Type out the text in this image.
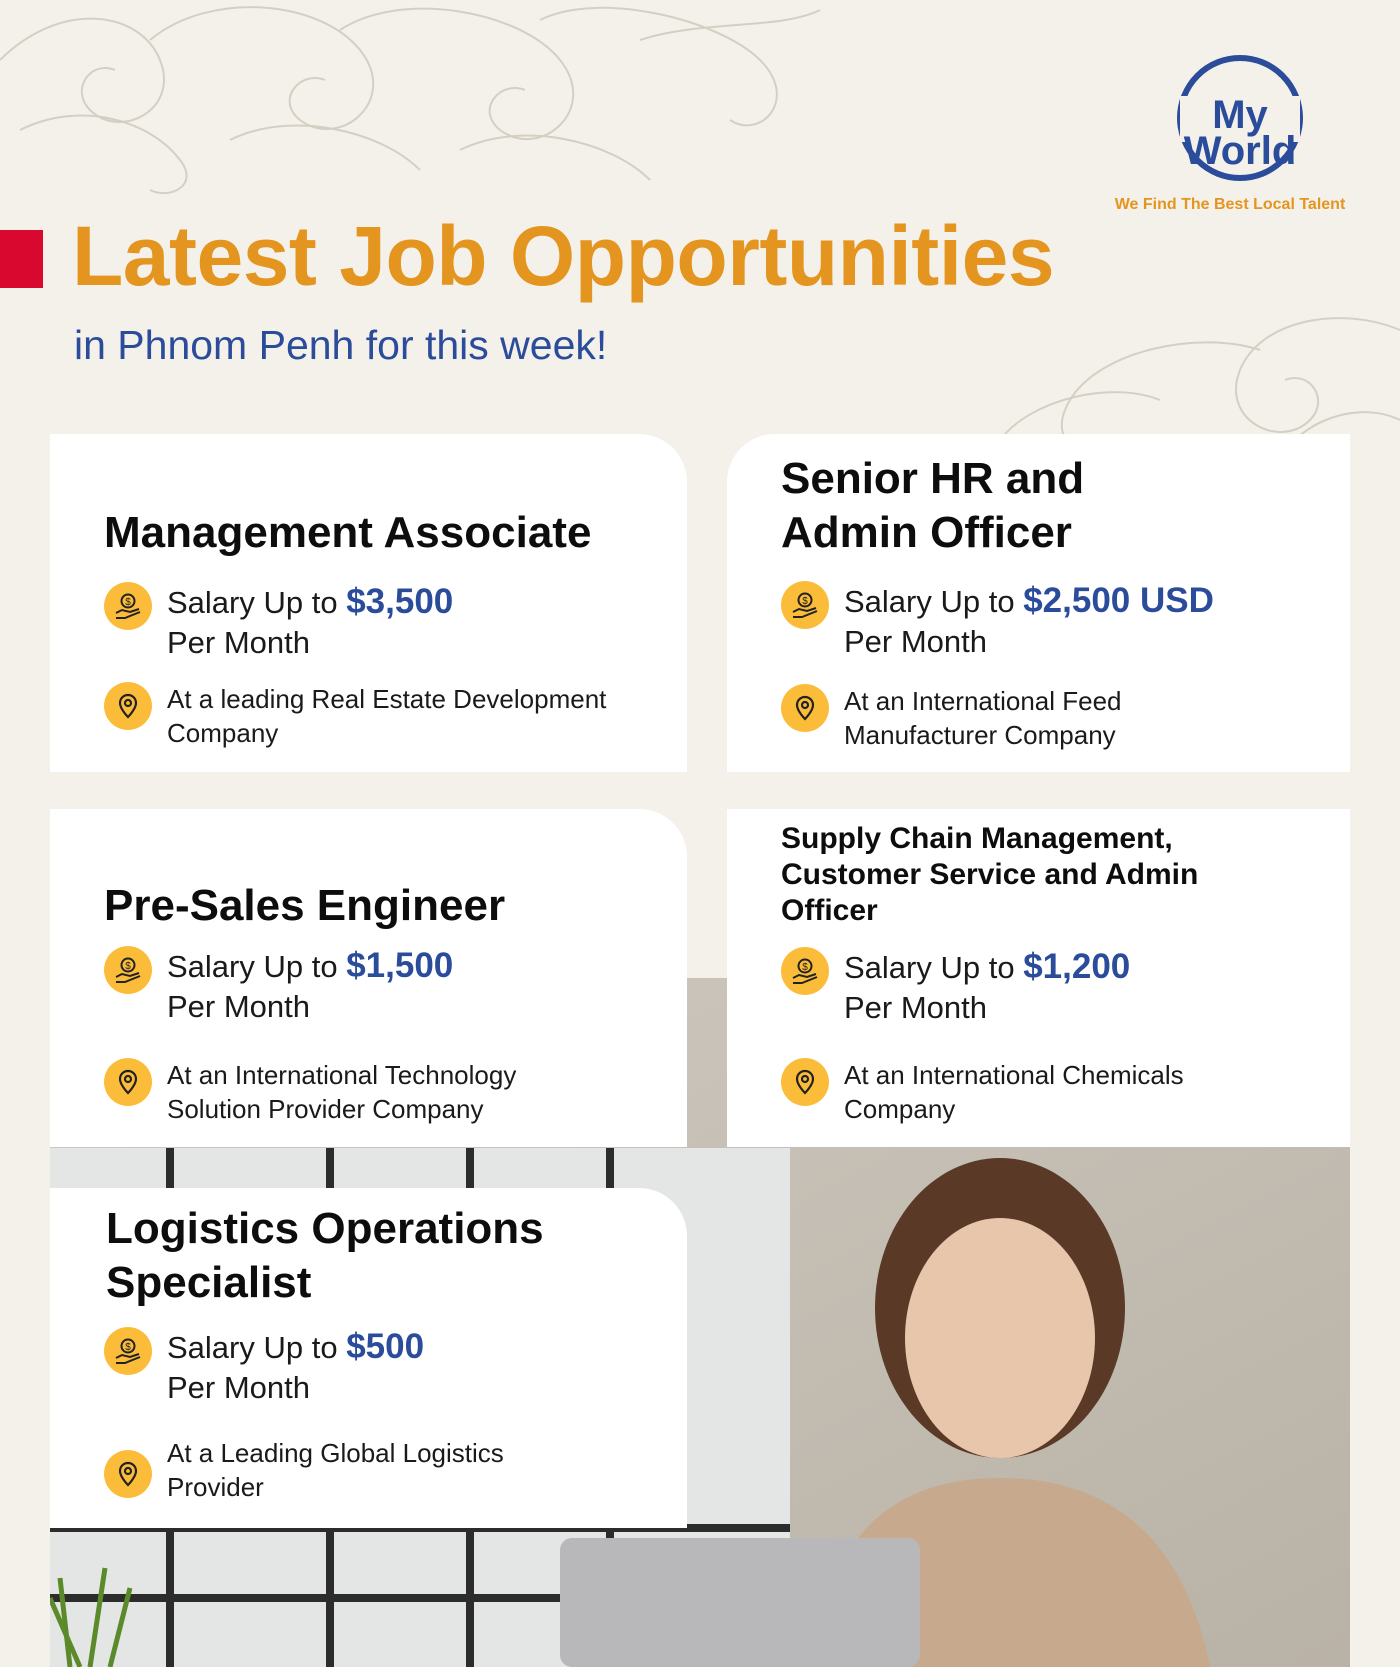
My
World
We Find The Best Local Talent
Latest Job Opportunities
in Phnom Penh for this week!
Management Associate
$ Salary Up to $3,500
Per Month
At a leading Real Estate Development Company
Senior HR and Admin Officer
$ Salary Up to $2,500 USD
Per Month
At an International Feed Manufacturer Company
Pre-Sales Engineer
$ Salary Up to $1,500
Per Month
At an International Technology Solution Provider Company
Supply Chain Management, Customer Service and Admin Officer
$ Salary Up to $1,200
Per Month
At an International Chemicals Company
Logistics Operations Specialist
$ Salary Up to $500
Per Month
At a Leading Global Logistics Provider
